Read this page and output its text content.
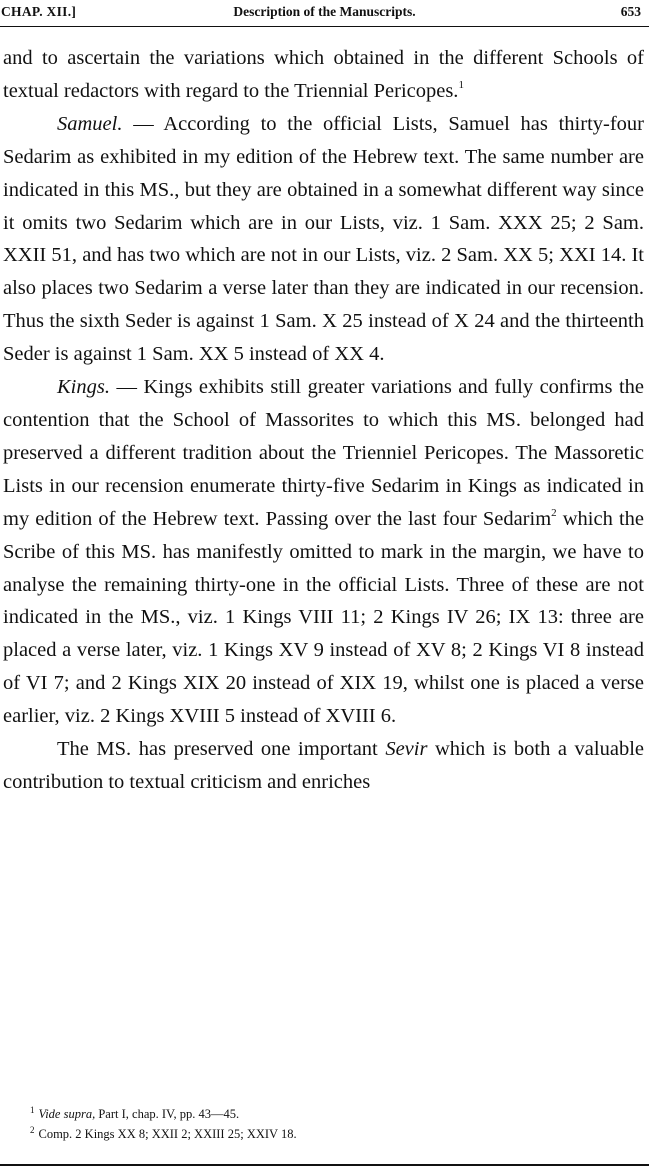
CHAP. XII.]	Description of the Manuscripts.	653

and to ascertain the variations which obtained in the different Schools of textual redactors with regard to the Triennial Pericopes.$^1$

Samuel. — According to the official Lists, Samuel has thirty-four Sedarim as exhibited in my edition of the Hebrew text. The same number are indicated in this MS., but they are obtained in a somewhat different way since it omits two Sedarim which are in our Lists, viz. 1 Sam. XXX 25; 2 Sam. XXII 51, and has two which are not in our Lists, viz. 2 Sam. XX 5; XXI 14. It also places two Sedarim a verse later than they are indicated in our recension. Thus the sixth Seder is against 1 Sam. X 25 instead of X 24 and the thirteenth Seder is against 1 Sam. XX 5 instead of XX 4.

Kings. — Kings exhibits still greater variations and fully confirms the contention that the School of Massorites to which this MS. belonged had preserved a different tradition about the Trienniel Pericopes. The Massoretic Lists in our recension enumerate thirty-five Sedarim in Kings as indicated in my edition of the Hebrew text. Passing over the last four Sedarim$^2$ which the Scribe of this MS. has manifestly omitted to mark in the margin, we have to analyse the remaining thirty-one in the official Lists. Three of these are not indicated in the MS., viz. 1 Kings VIII 11; 2 Kings IV 26; IX 13: three are placed a verse later, viz. 1 Kings XV 9 instead of XV 8; 2 Kings VI 8 instead of VI 7; and 2 Kings XIX 20 instead of XIX 19, whilst one is placed a verse earlier, viz. 2 Kings XVIII 5 instead of XVIII 6.

The MS. has preserved one important Sevir which is both a valuable contribution to textual criticism and enriches

$^1$ Vide supra, Part I, chap. IV, pp. 43—45.
$^2$ Comp. 2 Kings XX 8; XXII 2; XXIII 25; XXIV 18.
